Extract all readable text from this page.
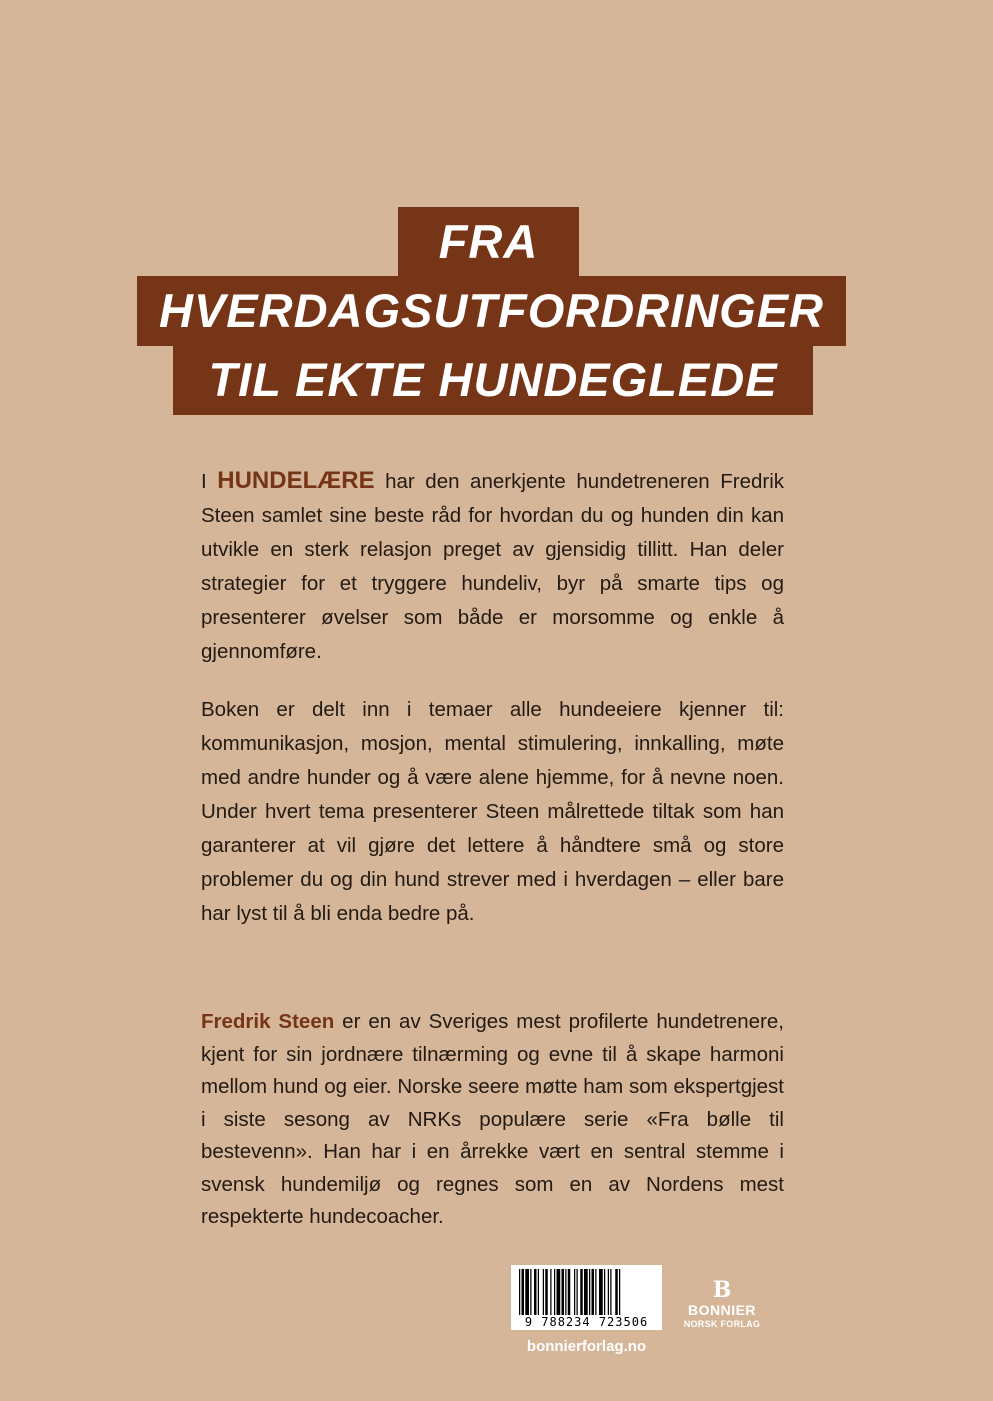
FRA
HVERDAGSUTFORDRINGER
TIL EKTE HUNDEGLEDE

I HUNDELÆRE har den anerkjente hundetreneren Fredrik Steen samlet sine beste råd for hvordan du og hunden din kan utvikle en sterk relasjon preget av gjensidig tillitt. Han deler strategier for et tryggere hundeliv, byr på smarte tips og presenterer øvelser som både er morsomme og enkle å gjennomføre.

Boken er delt inn i temaer alle hundeeiere kjenner til: kommunikasjon, mosjon, mental stimulering, innkalling, møte med andre hunder og å være alene hjemme, for å nevne noen. Under hvert tema presenterer Steen målrettede tiltak som han garanterer at vil gjøre det lettere å håndtere små og store problemer du og din hund strever med i hverdagen – eller bare har lyst til å bli enda bedre på.

Fredrik Steen er en av Sveriges mest profilerte hundetrenere, kjent for sin jordnære tilnærming og evne til å skape harmoni mellom hund og eier. Norske seere møtte ham som ekspertgjest i siste sesong av NRKs populære serie «Fra bølle til bestevenn». Han har i en årrekke vært en sentral stemme i svensk hundemiljø og regnes som en av Nordens mest respekterte hundecoacher.

9 788234 723506
bonnierforlag.no
B
BONNIER
NORSK FORLAG
